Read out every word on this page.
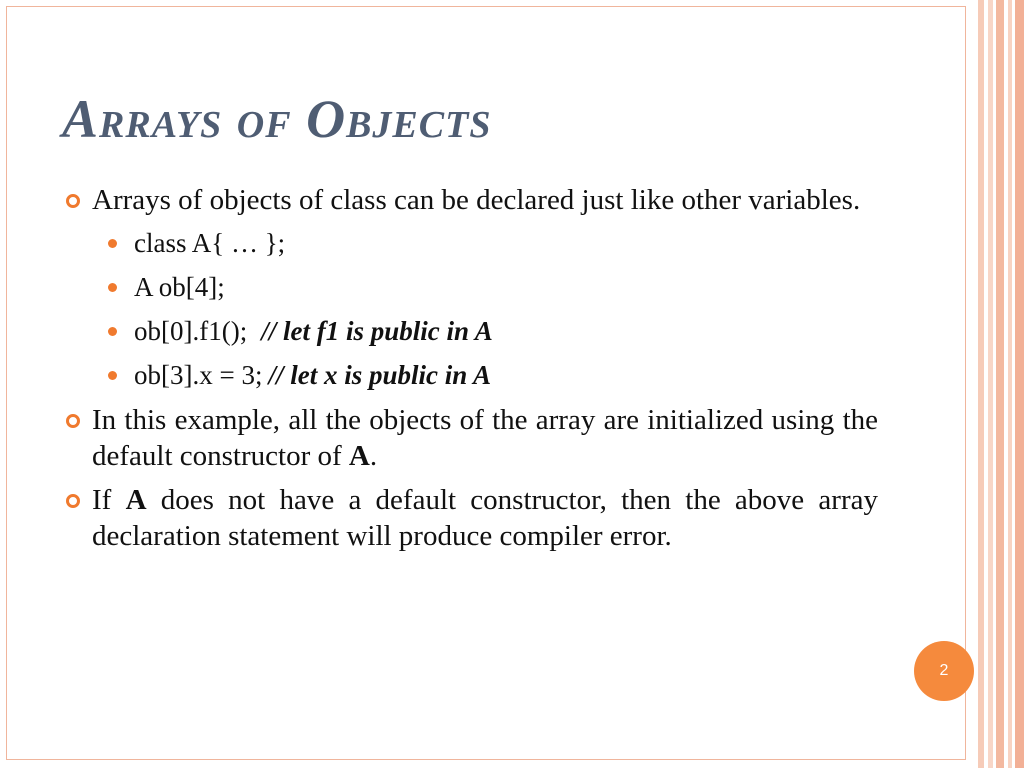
Arrays of Objects
Arrays of objects of class can be declared just like other variables.
class A{ … };
A ob[4];
ob[0].f1(); // let f1 is public in A
ob[3].x = 3; // let x is public in A
In this example, all the objects of the array are initialized using the default constructor of A.
If A does not have a default constructor, then the above array declaration statement will produce compiler error.
2
